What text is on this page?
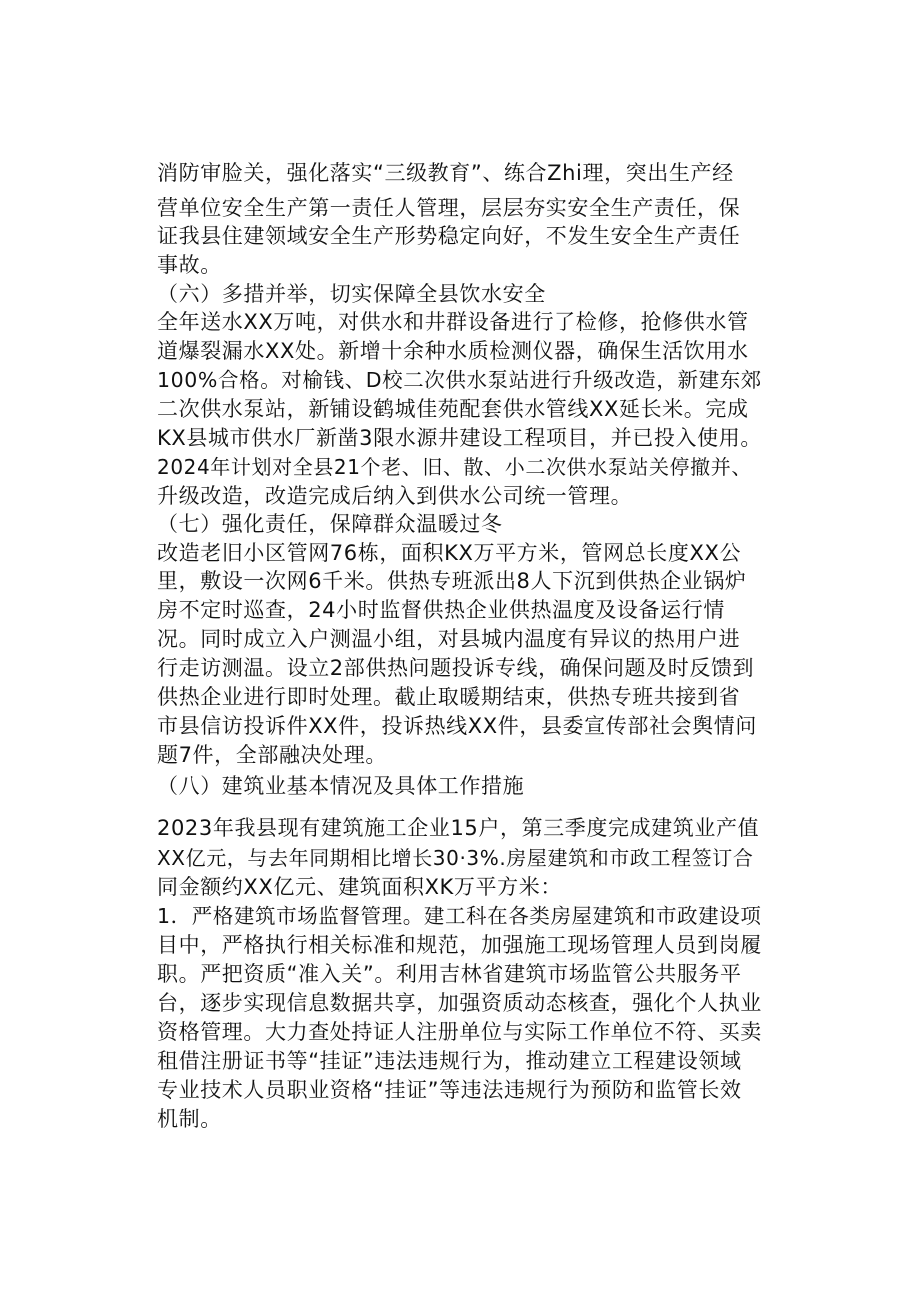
消防审脸关，强化落实“三级教育”、练合Zhi理，突出生产经
营单位安全生产第一责任人管理，层层夯实安全生产责任，保
证我县住建领域安全生产形势稳定向好，不发生安全生产责任
事故。
（六）多措并举，切实保障全县饮水安全
全年送水XX万吨，对供水和井群设备进行了检修，抢修供水管
道爆裂漏水XX处。新增十余种水质检测仪器，确保生活饮用水
100%合格。对榆钱、D校二次供水泵站进行升级改造，新建东郊
二次供水泵站，新铺设鹤城佳苑配套供水管线XX延长米。完成
KX县城市供水厂新凿3限水源井建设工程项目，并已投入使用。
2024年计划对全县21个老、旧、散、小二次供水泵站关停撤并、
升级改造，改造完成后纳入到供水公司统一管理。
（七）强化责任，保障群众温暖过冬
改造老旧小区管网76栋，面积KX万平方米，管网总长度XX公
里，敷设一次网6千米。供热专班派出8人下沉到供热企业锅炉
房不定时巡查，24小时监督供热企业供热温度及设备运行情
况。同时成立入户测温小组，对县城内温度有异议的热用户进
行走访测温。设立2部供热问题投诉专线，确保问题及时反馈到
供热企业进行即时处理。截止取暖期结束，供热专班共接到省
市县信访投诉件XX件，投诉热线XX件，县委宣传部社会舆情问
题7件，全部融决处理。
（八）建筑业基本情况及具体工作措施
2023年我县现有建筑施工企业15户，第三季度完成建筑业产值
XX亿元，与去年同期相比增长30·3%.房屋建筑和市政工程签订合
同金额约XX亿元、建筑面积XK万平方米：
1．严格建筑市场监督管理。建工科在各类房屋建筑和市政建设项
目中，严格执行相关标准和规范，加强施工现场管理人员到岗履
职。严把资质“准入关”。利用吉林省建筑市场监管公共服务平
台，逐步实现信息数据共享，加强资质动态核查，强化个人执业
资格管理。大力查处持证人注册单位与实际工作单位不符、买卖
租借注册证书等“挂证”违法违规行为，推动建立工程建设领域
专业技术人员职业资格“挂证”等违法违规行为预防和监管长效
机制。
